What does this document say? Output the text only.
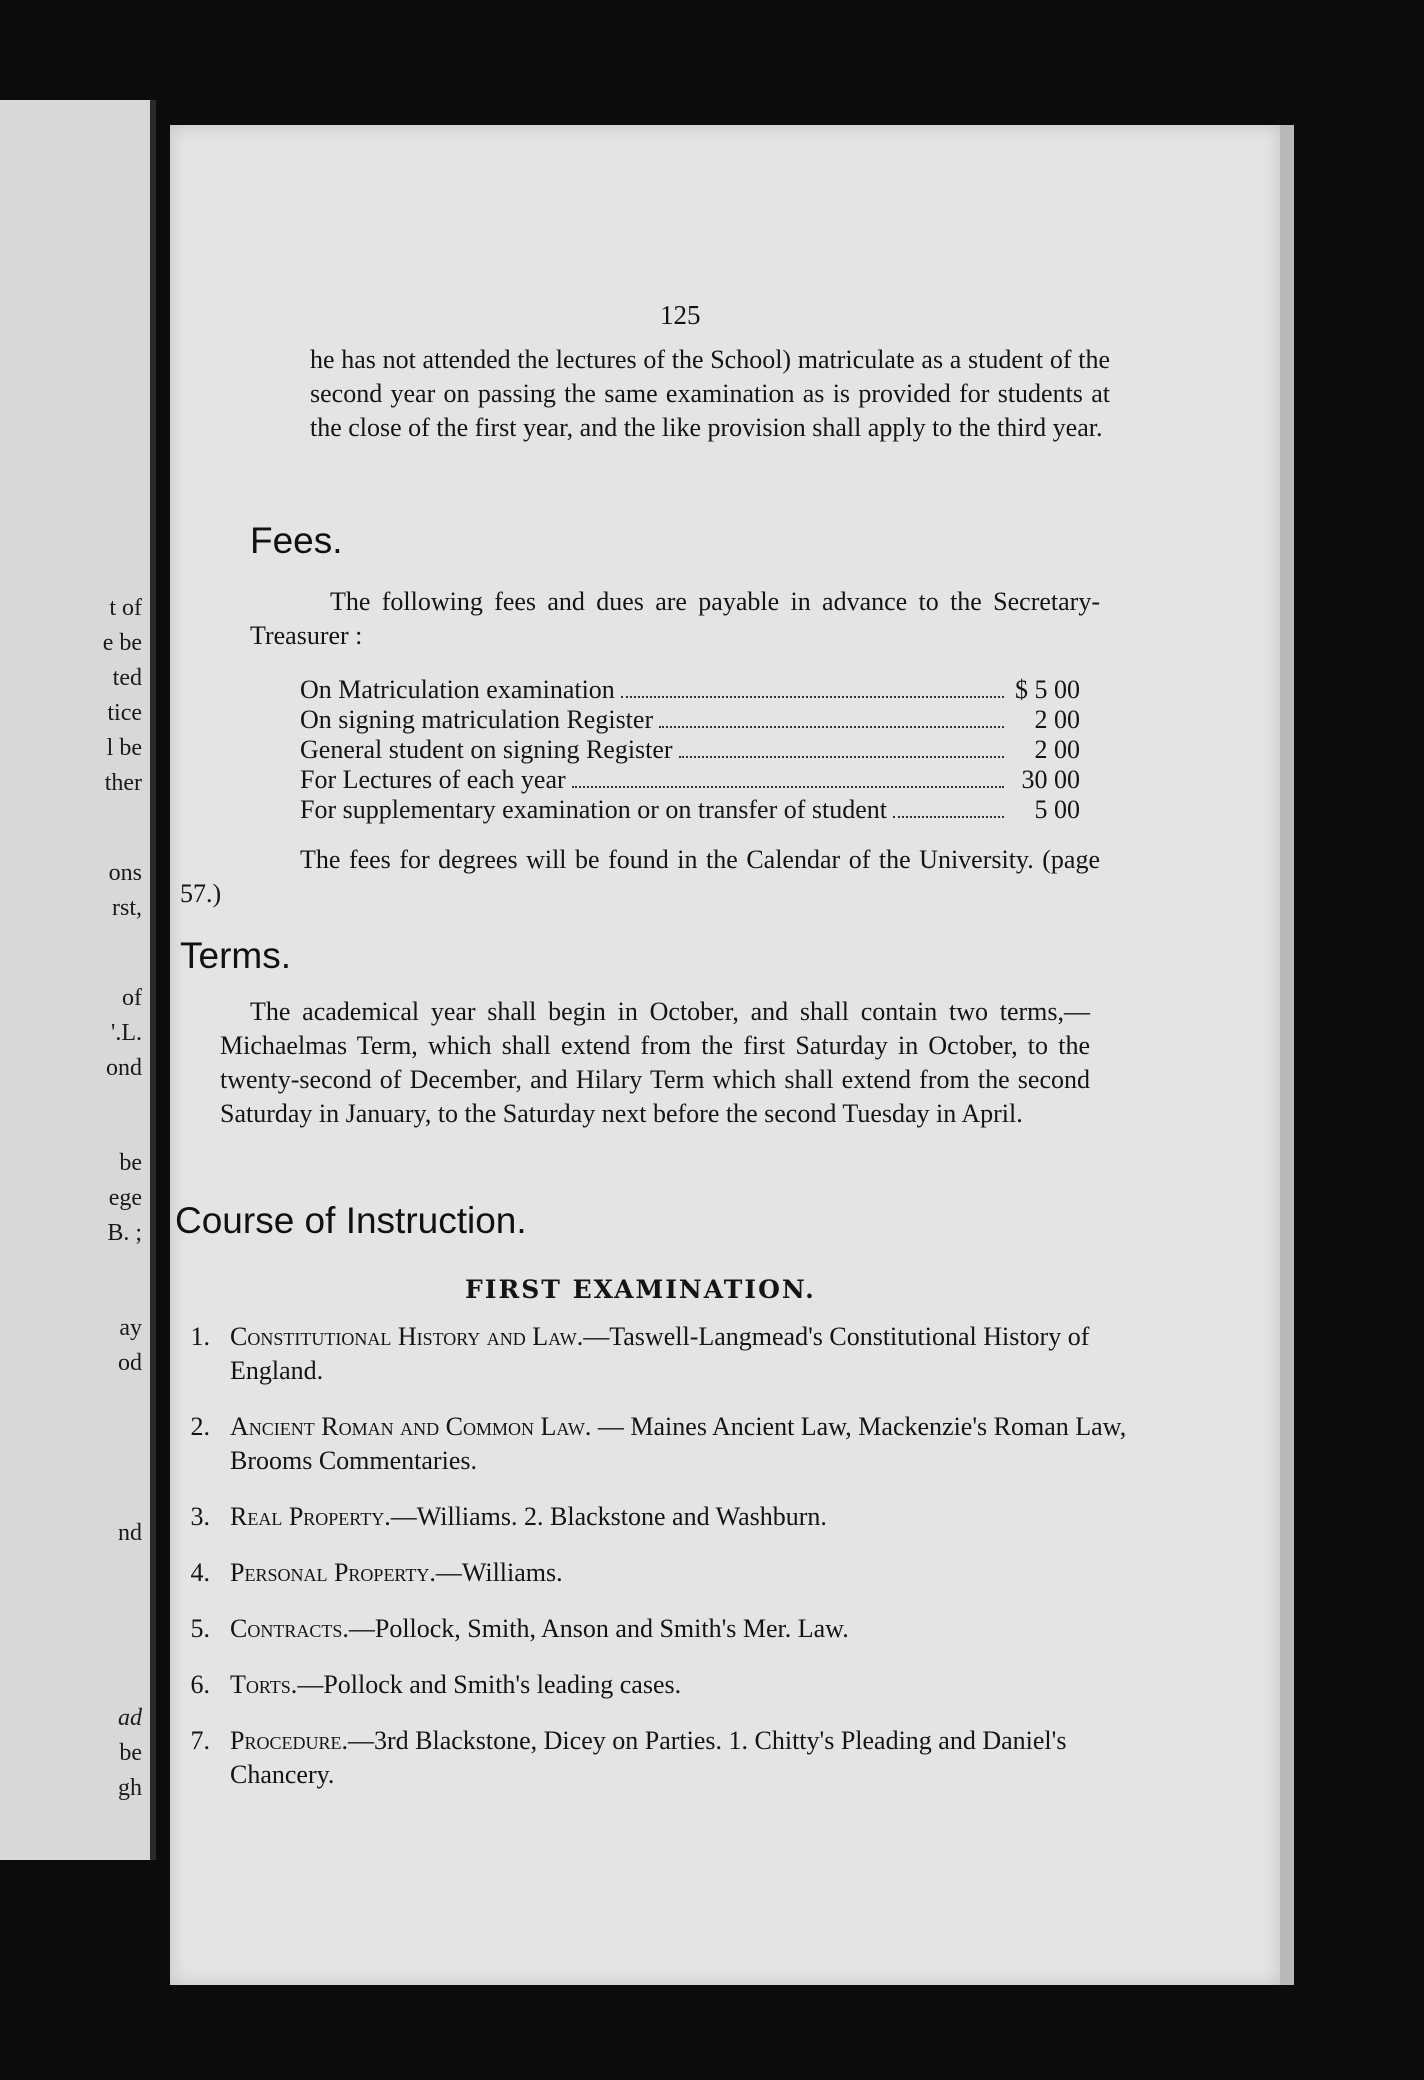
t of
e be
ted
tice
l be
ther
ons
rst,
of
'.L.
ond
be
ege
B. ;
ay
od
nd
ad
be
gh
125
he has not attended the lectures of the School) matriculate as a student of the second year on passing the same examination as is provided for students at the close of the first year, and the like provision shall apply to the third year.
Fees.
The following fees and dues are payable in advance to the Secretary-Treasurer :
On Matriculation examination	$ 5 00
On signing matriculation Register	2 00
General student on signing Register	2 00
For Lectures of each year	30 00
For supplementary examination or on transfer of student	5 00
The fees for degrees will be found in the Calendar of the University. (page 57.)
Terms.
The academical year shall begin in October, and shall contain two terms,—Michaelmas Term, which shall extend from the first Saturday in October, to the twenty-second of December, and Hilary Term which shall extend from the second Saturday in January, to the Saturday next before the second Tuesday in April.
Course of Instruction.
FIRST EXAMINATION.
1. Constitutional History and Law.—Taswell-Langmead's Constitutional History of England.
2. Ancient Roman and Common Law. — Maines Ancient Law, Mackenzie's Roman Law, Brooms Commentaries.
3. Real Property.—Williams. 2. Blackstone and Washburn.
4. Personal Property.—Williams.
5. Contracts.—Pollock, Smith, Anson and Smith's Mer. Law.
6. Torts.—Pollock and Smith's leading cases.
7. Procedure.—3rd Blackstone, Dicey on Parties. 1. Chitty's Pleading and Daniel's Chancery.
